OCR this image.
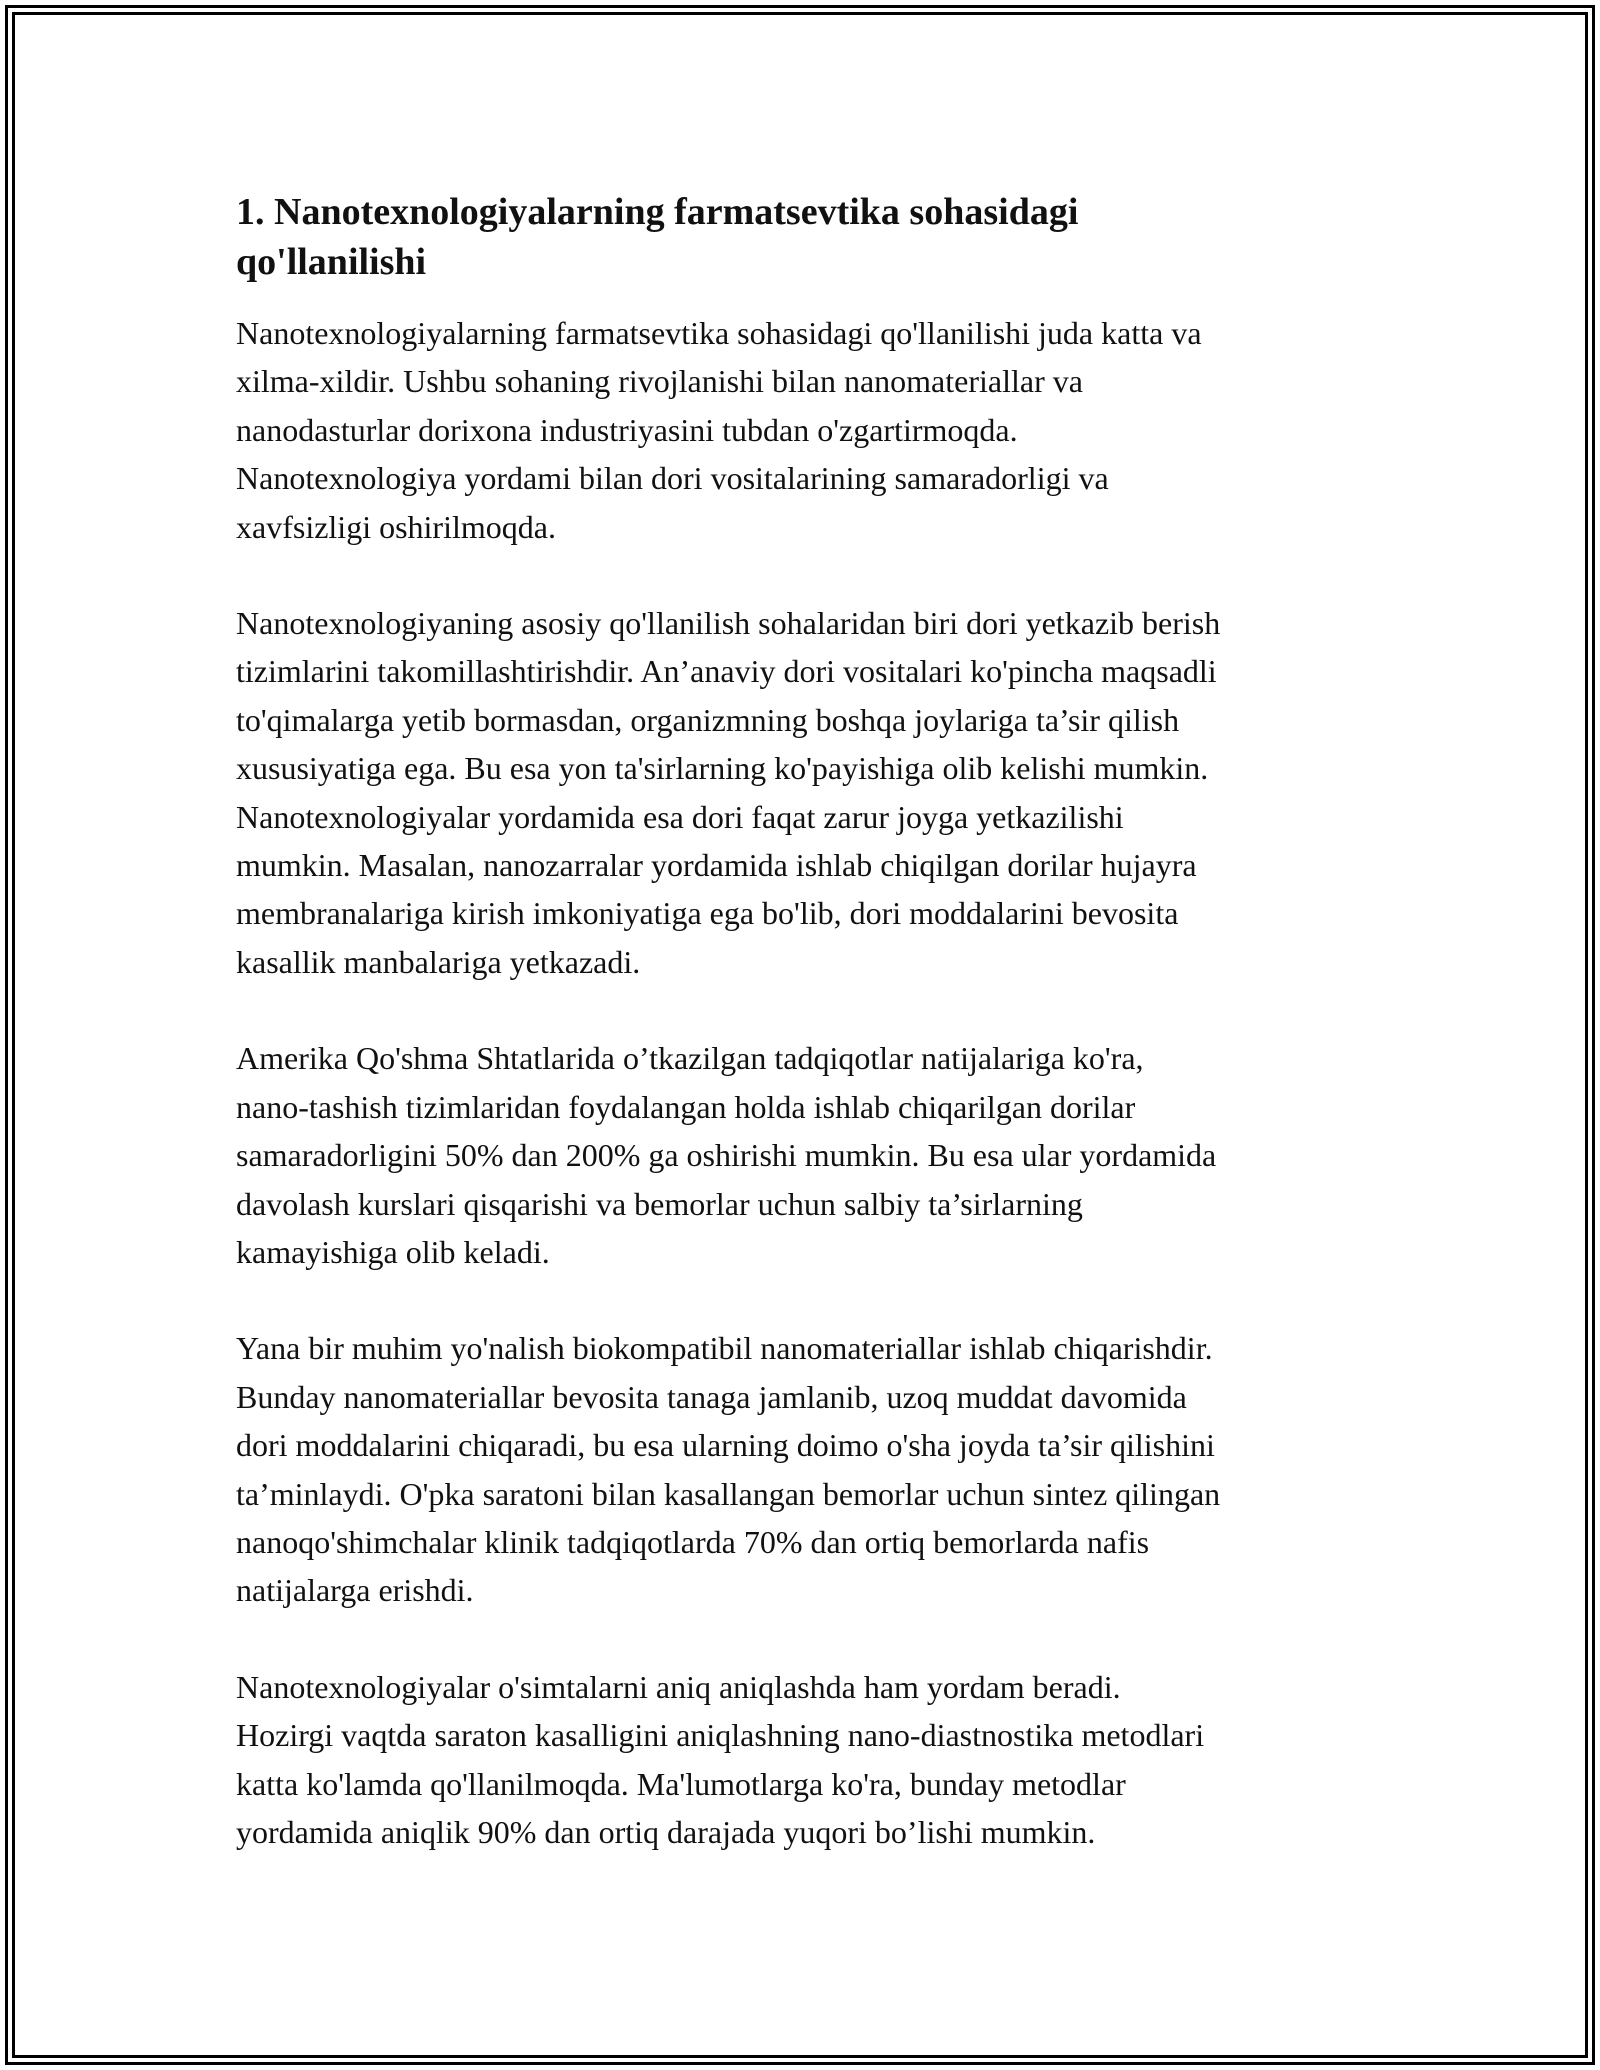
1. Nanotexnologiyalarning farmatsevtika sohasidagi
qo'llanilishi

Nanotexnologiyalarning farmatsevtika sohasidagi qo'llanilishi juda katta va
xilma-xildir. Ushbu sohaning rivojlanishi bilan nanomateriallar va
nanodasturlar dorixona industriyasini tubdan o'zgartirmoqda.
Nanotexnologiya yordami bilan dori vositalarining samaradorligi va
xavfsizligi oshirilmoqda.

Nanotexnologiyaning asosiy qo'llanilish sohalaridan biri dori yetkazib berish
tizimlarini takomillashtirishdir. An’anaviy dori vositalari ko'pincha maqsadli
to'qimalarga yetib bormasdan, organizmning boshqa joylariga ta’sir qilish
xususiyatiga ega. Bu esa yon ta'sirlarning ko'payishiga olib kelishi mumkin.
Nanotexnologiyalar yordamida esa dori faqat zarur joyga yetkazilishi
mumkin. Masalan, nanozarralar yordamida ishlab chiqilgan dorilar hujayra
membranalariga kirish imkoniyatiga ega bo'lib, dori moddalarini bevosita
kasallik manbalariga yetkazadi.

Amerika Qo'shma Shtatlarida o’tkazilgan tadqiqotlar natijalariga ko'ra,
nano-tashish tizimlaridan foydalangan holda ishlab chiqarilgan dorilar
samaradorligini 50% dan 200% ga oshirishi mumkin. Bu esa ular yordamida
davolash kurslari qisqarishi va bemorlar uchun salbiy ta’sirlarning
kamayishiga olib keladi.

Yana bir muhim yo'nalish biokompatibil nanomateriallar ishlab chiqarishdir.
Bunday nanomateriallar bevosita tanaga jamlanib, uzoq muddat davomida
dori moddalarini chiqaradi, bu esa ularning doimo o'sha joyda ta’sir qilishini
ta’minlaydi. O'pka saratoni bilan kasallangan bemorlar uchun sintez qilingan
nanoqo'shimchalar klinik tadqiqotlarda 70% dan ortiq bemorlarda nafis
natijalarga erishdi.

Nanotexnologiyalar o'simtalarni aniq aniqlashda ham yordam beradi.
Hozirgi vaqtda saraton kasalligini aniqlashning nano-diastnostika metodlari
katta ko'lamda qo'llanilmoqda. Ma'lumotlarga ko'ra, bunday metodlar
yordamida aniqlik 90% dan ortiq darajada yuqori bo’lishi mumkin.
